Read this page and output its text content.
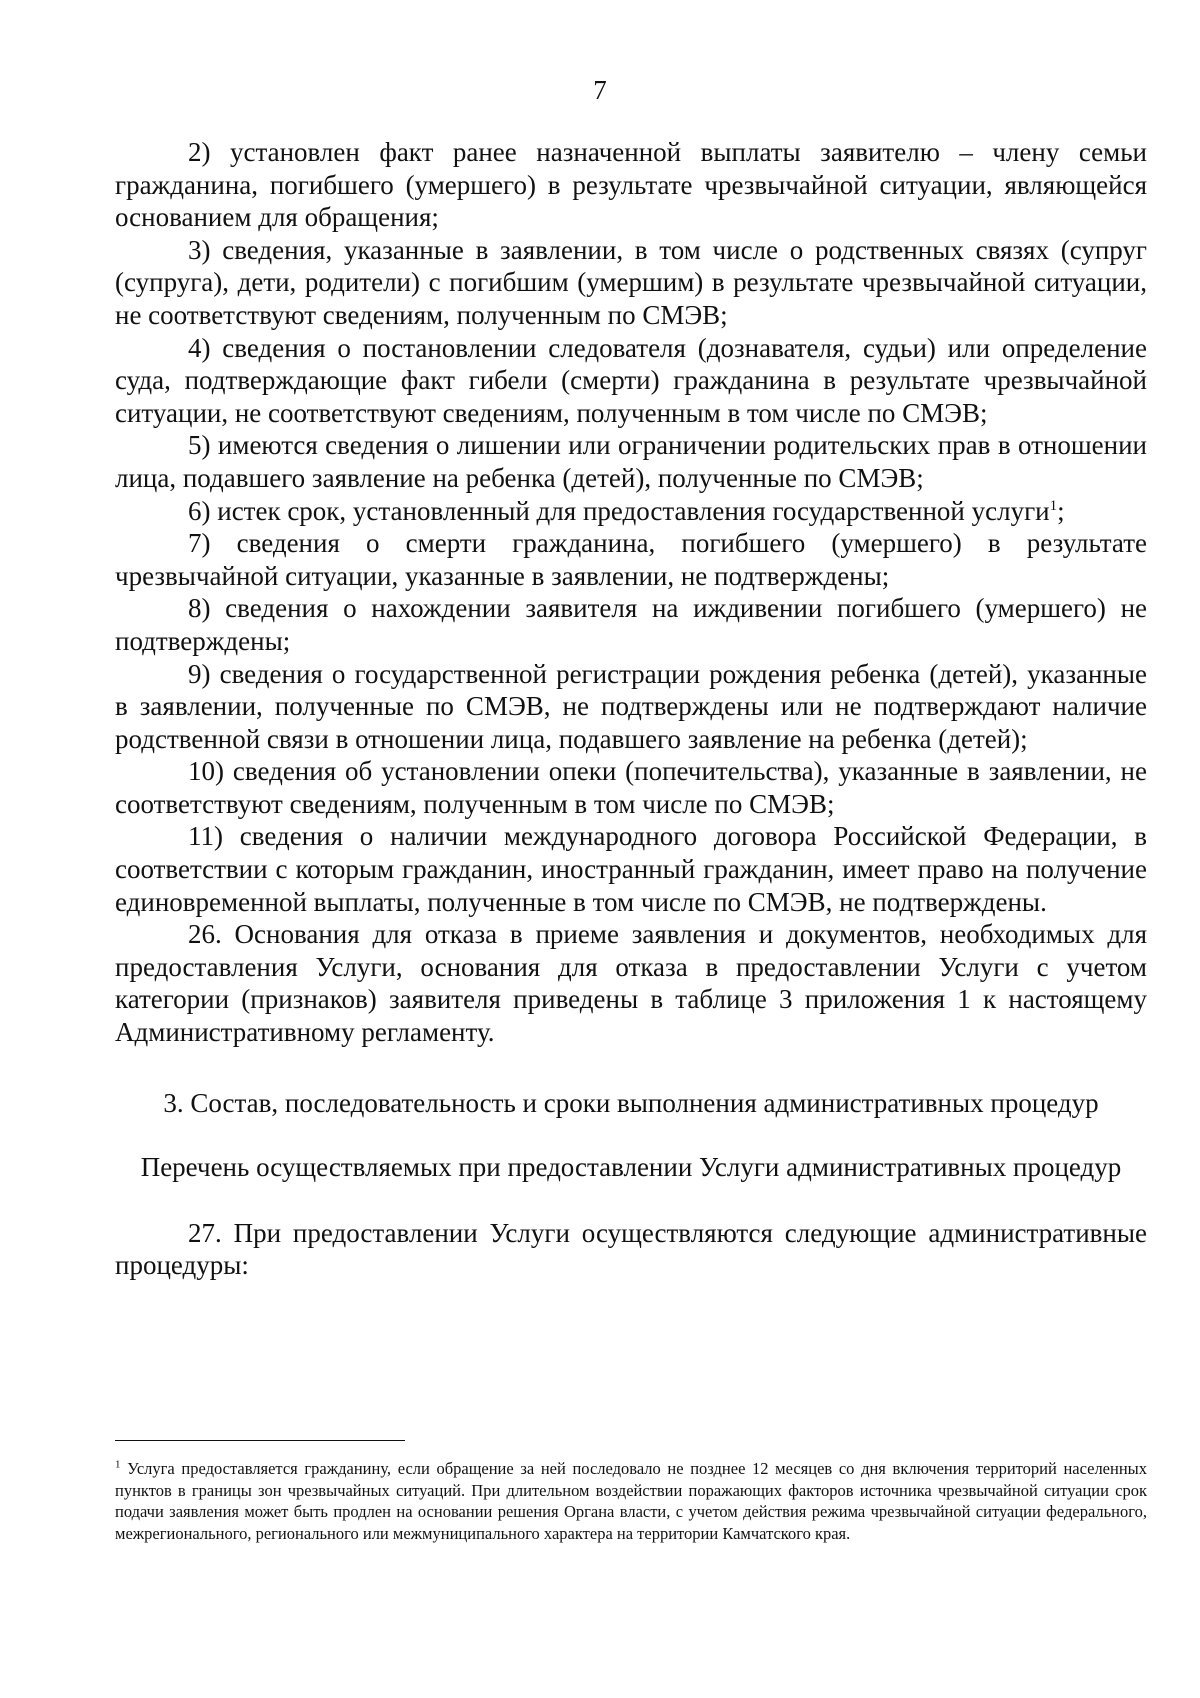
7

2) установлен факт ранее назначенной выплаты заявителю – члену семьи гражданина, погибшего (умершего) в результате чрезвычайной ситуации, являющейся основанием для обращения;

3) сведения, указанные в заявлении, в том числе о родственных связях (супруг (супруга), дети, родители) с погибшим (умершим) в результате чрезвычайной ситуации, не соответствуют сведениям, полученным по СМЭВ;

4) сведения о постановлении следователя (дознавателя, судьи) или определение суда, подтверждающие факт гибели (смерти) гражданина в результате чрезвычайной ситуации, не соответствуют сведениям, полученным в том числе по СМЭВ;

5) имеются сведения о лишении или ограничении родительских прав в отношении лица, подавшего заявление на ребенка (детей), полученные по СМЭВ;

6) истек срок, установленный для предоставления государственной услуги$^1$;

7) сведения о смерти гражданина, погибшего (умершего) в результате чрезвычайной ситуации, указанные в заявлении, не подтверждены;

8) сведения о нахождении заявителя на иждивении погибшего (умершего) не подтверждены;

9) сведения о государственной регистрации рождения ребенка (детей), указанные в заявлении, полученные по СМЭВ, не подтверждены или не подтверждают наличие родственной связи в отношении лица, подавшего заявление на ребенка (детей);

10) сведения об установлении опеки (попечительства), указанные в заявлении, не соответствуют сведениям, полученным в том числе по СМЭВ;

11) сведения о наличии международного договора Российской Федерации, в соответствии с которым гражданин, иностранный гражданин, имеет право на получение единовременной выплаты, полученные в том числе по СМЭВ, не подтверждены.

26. Основания для отказа в приеме заявления и документов, необходимых для предоставления Услуги, основания для отказа в предоставлении Услуги с учетом категории (признаков) заявителя приведены в таблице 3 приложения 1 к настоящему Административному регламенту.

3. Состав, последовательность и сроки выполнения административных процедур
Перечень осуществляемых при предоставлении Услуги административных процедур

27. При предоставлении Услуги осуществляются следующие административные процедуры:

$^1$ Услуга предоставляется гражданину, если обращение за ней последовало не позднее 12 месяцев со дня включения территорий населенных пунктов в границы зон чрезвычайных ситуаций. При длительном воздействии поражающих факторов источника чрезвычайной ситуации срок подачи заявления может быть продлен на основании решения Органа власти, с учетом действия режима чрезвычайной ситуации федерального, межрегионального, регионального или межмуниципального характера на территории Камчатского края.
